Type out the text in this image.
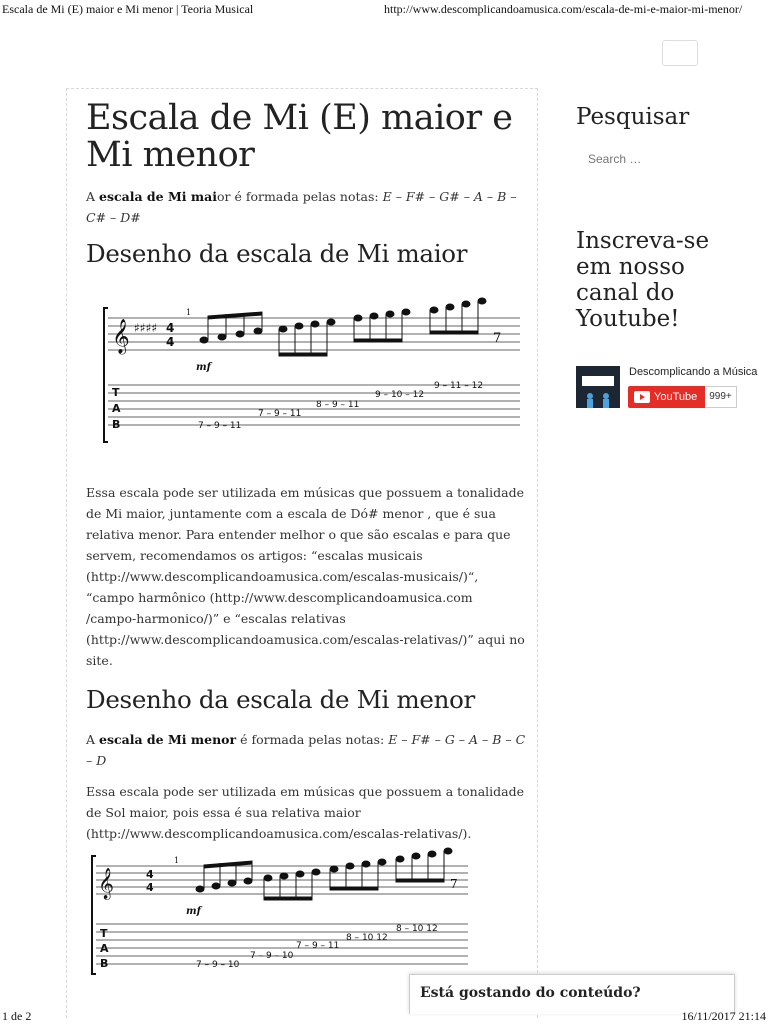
Escala de Mi (E) maior e Mi menor | Teoria Musical	http://www.descomplicandoamusica.com/escala-de-mi-e-maior-mi-menor/
Escala de Mi (E) maior e Mi menor

A escala de Mi maior é formada pelas notas: E – F# – G# – A – B – C# – D#

Desenho da escala de Mi maior
𝄞 ♯♯♯♯
1
4
4
mf
7
T
A
B	7 – 9 – 11
7 – 9 – 11
8 – 9 – 11
9 – 10 – 12
9 – 11 – 12

Essa escala pode ser utilizada em músicas que possuem a tonalidade de Mi maior, juntamente com a escala de Dó# menor , que é sua relativa menor. Para entender melhor o que são escalas e para que servem, recomendamos os artigos: “escalas musicais (http://www.descomplicandoamusica.com/escalas-musicais/)“, “campo harmônico (http://www.descomplicandoamusica.com /campo-harmonico/)” e “escalas relativas (http://www.descomplicandoamusica.com/escalas-relativas/)” aqui no site.

Desenho da escala de Mi menor

A escala de Mi menor é formada pelas notas: E – F# – G – A – B – C – D

Essa escala pode ser utilizada em músicas que possuem a tonalidade de Sol maior, pois essa é sua relativa maior (http://www.descomplicandoamusica.com/escalas-relativas/).

𝄞
1
4
4
mf
7
T
A
B	7 – 9 – 10
7 – 9 – 10
7 – 9 – 11
8 – 10 12
8 – 10 12
Pesquisar
Search …
Inscreva-se em nosso canal do Youtube!
Descomplicando a Música
YouTube	999+
Está gostando do conteúdo?
1 de 2	16/11/2017 21:14
